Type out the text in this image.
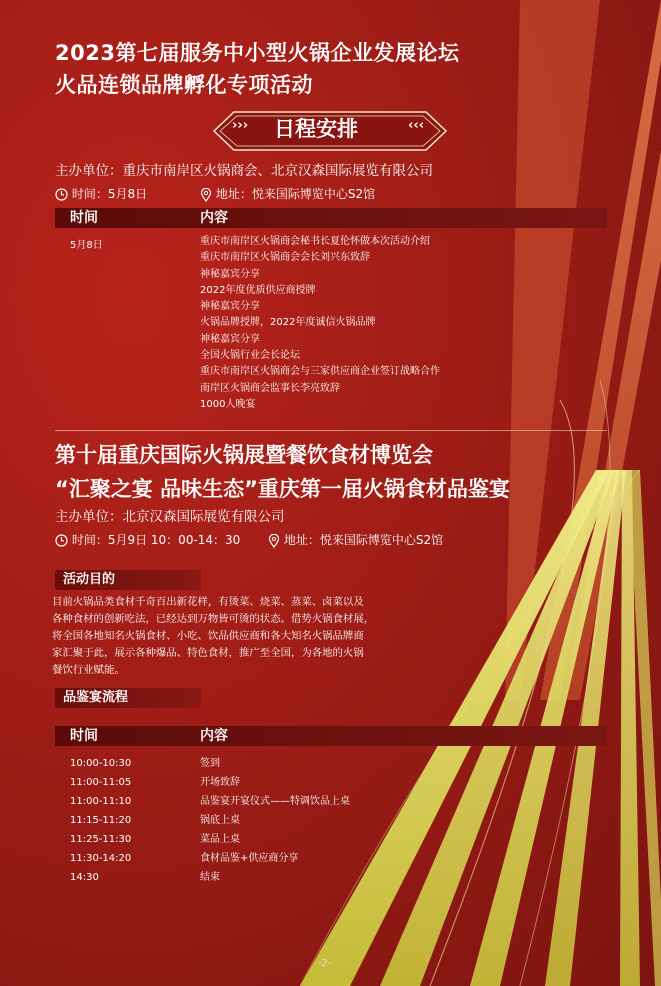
2023第七届服务中小型火锅企业发展论坛
火品连锁品牌孵化专项活动
››› 日程安排	‹‹‹
主办单位：重庆市南岸区火锅商会、北京汉森国际展览有限公司
时间：5月8日	地址：悦来国际博览中心S2馆
时间	内容
5月8日	重庆市南岸区火锅商会秘书长夏伦怀做本次活动介绍
重庆市南岸区火锅商会会长刘兴东致辞
神秘嘉宾分享
2022年度优质供应商授牌
神秘嘉宾分享
火锅品牌授牌，2022年度诚信火锅品牌
神秘嘉宾分享
全国火锅行业会长论坛
重庆市南岸区火锅商会与三家供应商企业签订战略合作
南岸区火锅商会监事长李亮致辞
1000人晚宴
第十届重庆国际火锅展暨餐饮食材博览会
“汇聚之宴 品味生态”重庆第一届火锅食材品鉴宴
主办单位：北京汉森国际展览有限公司
时间：5月9日 10：00-14：30	地址：悦来国际博览中心S2馆
活动目的
目前火锅品类食材千奇百出新花样，有烫菜、烧菜、蒸菜、卤菜以及
各种食材的创新吃法，已经达到万物皆可烫的状态。借势火锅食材展，
将全国各地知名火锅食材、小吃、饮品供应商和各大知名火锅品牌商
家汇聚于此，展示各种爆品、特色食材，推广至全国，为各地的火锅
餐饮行业赋能。
品鉴宴流程
时间	内容
10:00-10:30	签到
11:00-11:05	开场致辞
11:00-11:10	品鉴宴开宴仪式——特调饮品上桌
11:15-11:20	锅底上桌
11:25-11:30	菜品上桌
11:30-14:20	食材品鉴+供应商分享
14:30	结束
-2-
